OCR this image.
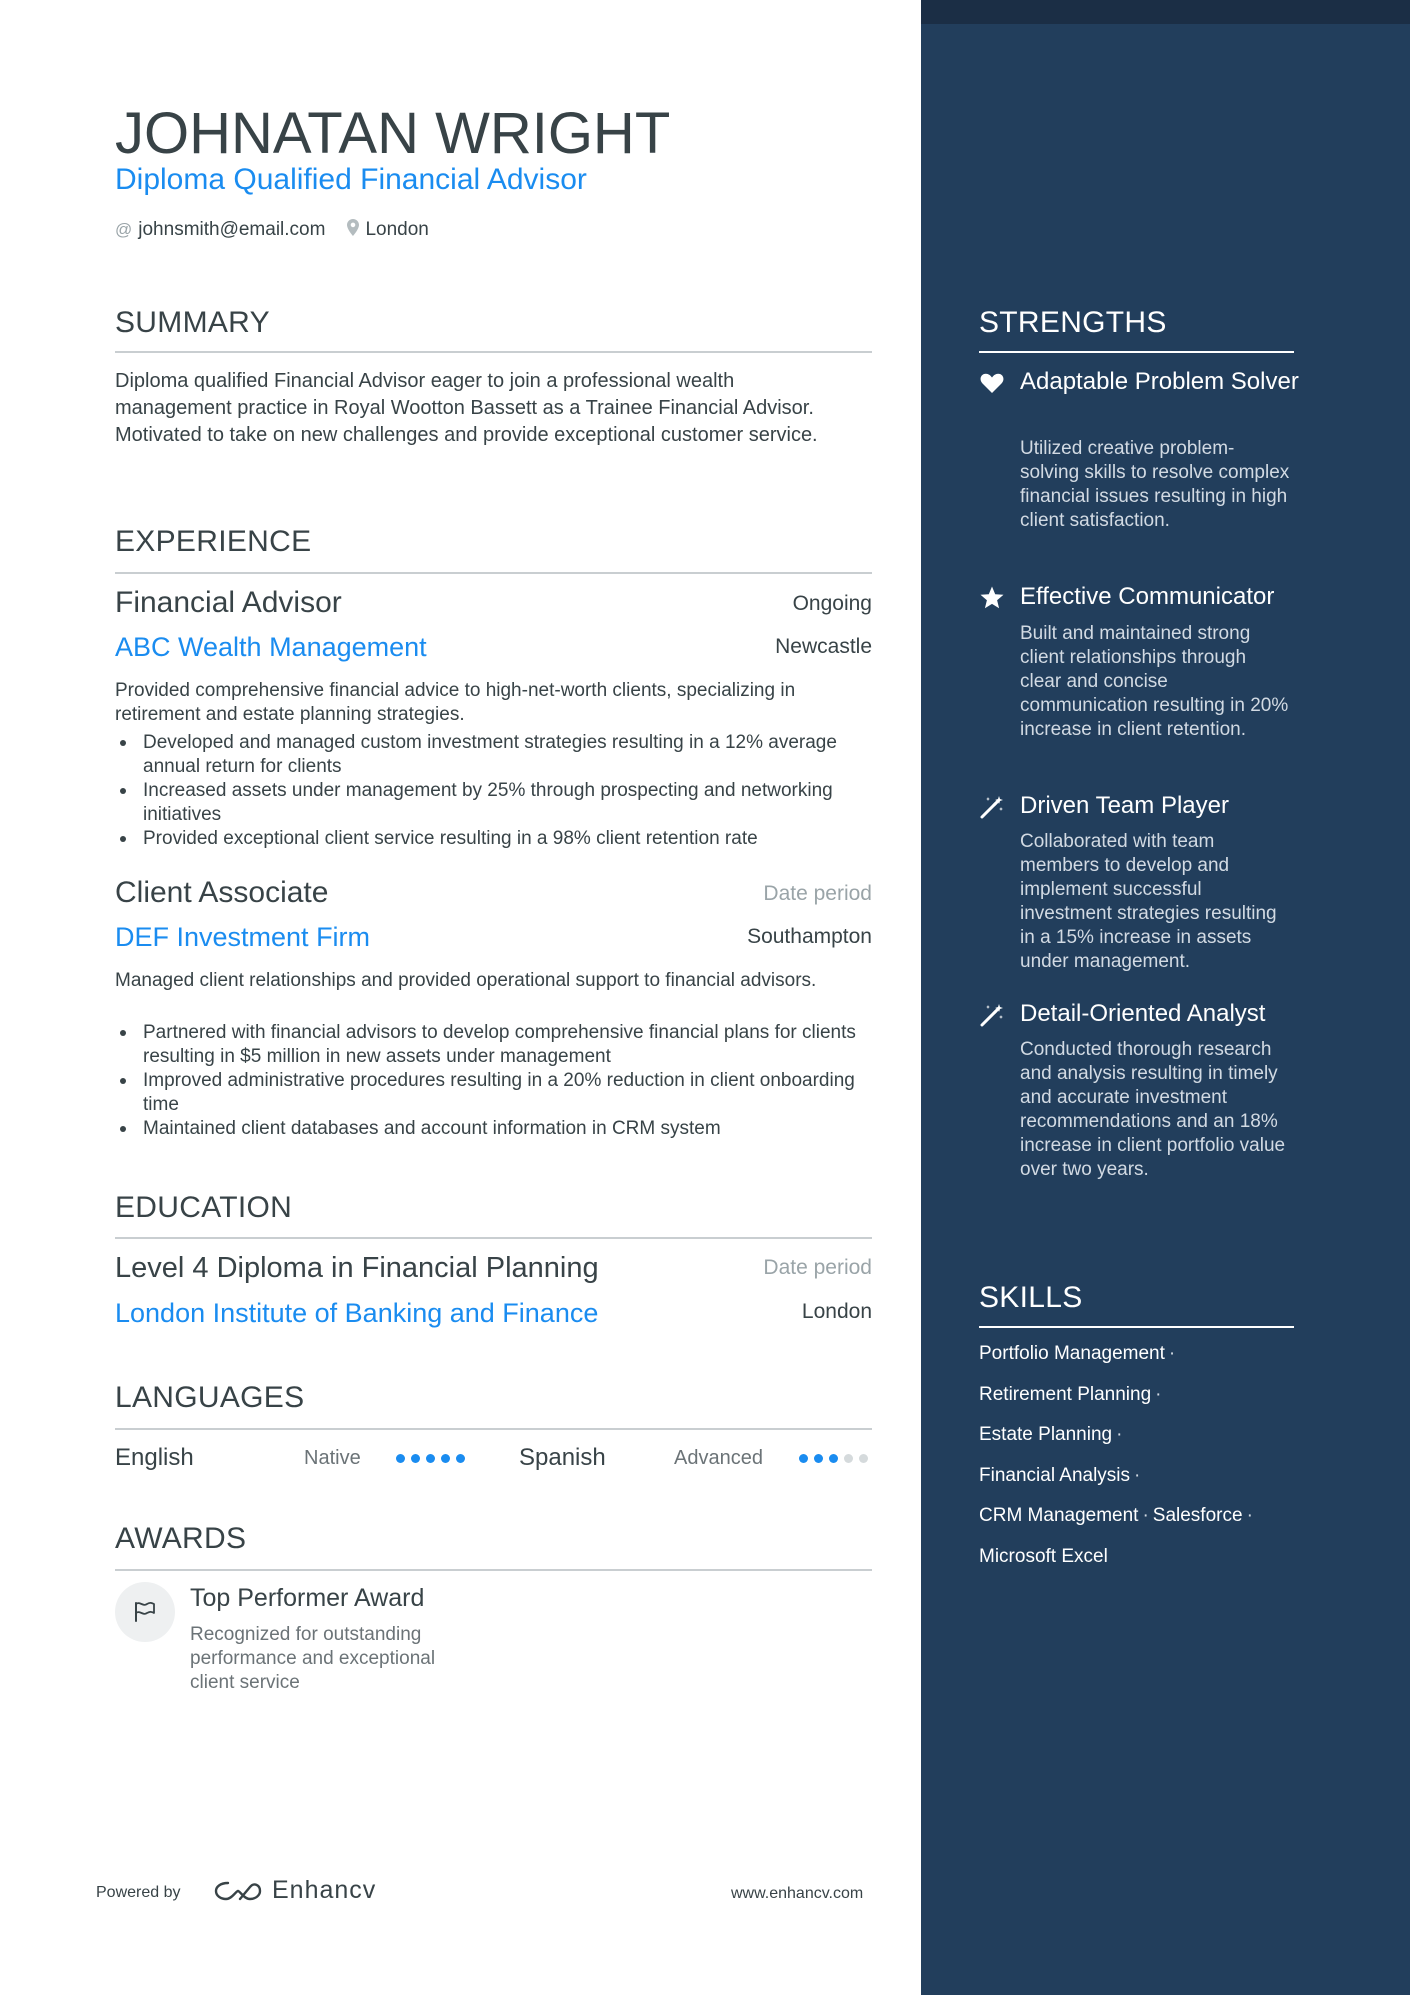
JOHNATAN WRIGHT
Diploma Qualified Financial Advisor
@ johnsmith@email.com London
SUMMARY
Diploma qualified Financial Advisor eager to join a professional wealth management practice in Royal Wootton Bassett as a Trainee Financial Advisor. Motivated to take on new challenges and provide exceptional customer service.
EXPERIENCE
Financial Advisor	Ongoing
ABC Wealth Management	Newcastle
Provided comprehensive financial advice to high-net-worth clients, specializing in retirement and estate planning strategies.
Developed and managed custom investment strategies resulting in a 12% average annual return for clients
Increased assets under management by 25% through prospecting and networking initiatives
Provided exceptional client service resulting in a 98% client retention rate
Client Associate	Date period
DEF Investment Firm	Southampton
Managed client relationships and provided operational support to financial advisors.
Partnered with financial advisors to develop comprehensive financial plans for clients resulting in $5 million in new assets under management
Improved administrative procedures resulting in a 20% reduction in client onboarding time
Maintained client databases and account information in CRM system
EDUCATION
Level 4 Diploma in Financial Planning	Date period
London Institute of Banking and Finance	London
LANGUAGES
English	Native	Spanish	Advanced
AWARDS
Top Performer Award
Recognized for outstanding performance and exceptional client service
Powered by	Enhancv	www.enhancv.com
STRENGTHS
Adaptable Problem Solver
Utilized creative problem-solving skills to resolve complex financial issues resulting in high client satisfaction.
Effective Communicator
Built and maintained strong client relationships through clear and concise communication resulting in 20% increase in client retention.
Driven Team Player
Collaborated with team members to develop and implement successful investment strategies resulting in a 15% increase in assets under management.
Detail-Oriented Analyst
Conducted thorough research and analysis resulting in timely and accurate investment recommendations and an 18% increase in client portfolio value over two years.
SKILLS
Portfolio Management ·
Retirement Planning ·
Estate Planning ·
Financial Analysis ·
CRM Management · Salesforce ·
Microsoft Excel
